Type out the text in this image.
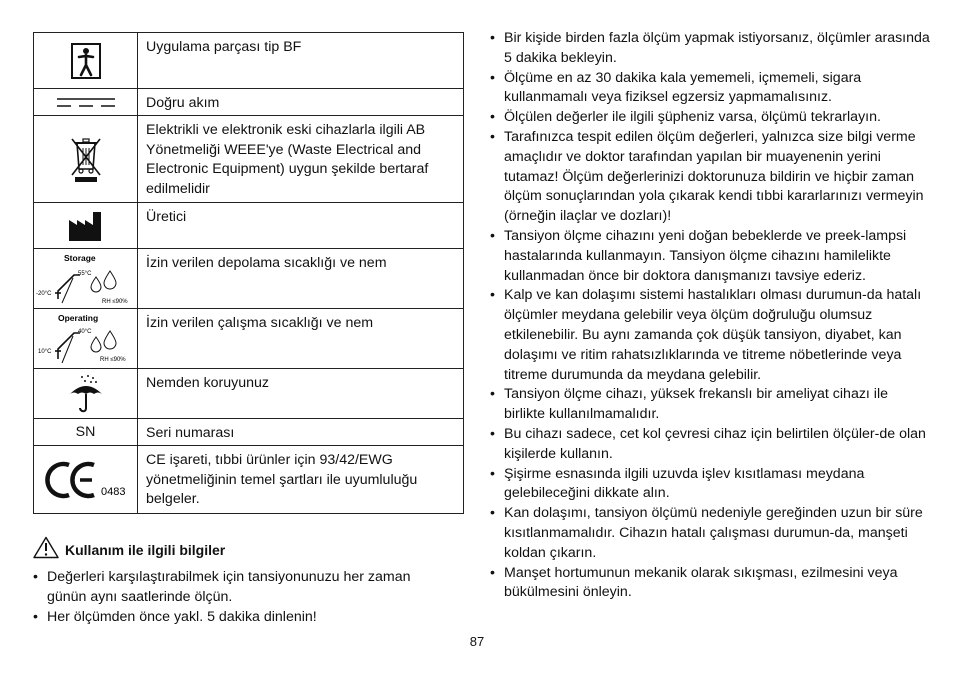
	Uygulama parçası tip BF

	Doğru akım

	Elektrikli ve elektronik eski cihazlarla ilgili AB Yönetmeliği WEEE'ye (Waste Electrical and Electronic Equipment) uygun şekilde bertaraf edilmelidir

	Üretici

Storage
55°C
-20°C
RH ≤90%	İzin verilen depolama sıcaklığı ve nem

Operating
40°C
10°C
RH ≤90%	İzin verilen çalışma sıcaklığı ve nem

	Nemden koruyunuz
SN	Seri numarası

0483	CE işareti, tıbbi ürünler için 93/42/EWG yönetmeliğinin temel şartları ile uyumluluğu belgeler.
Kullanım ile ilgili bilgiler
• Değerleri karşılaştırabilmek için tansiyonunuzu her zaman günün aynı saatlerinde ölçün.
• Her ölçümden önce yakl. 5 dakika dinlenin!
• Bir kişide birden fazla ölçüm yapmak istiyorsanız, ölçümler arasında 5 dakika bekleyin.
• Ölçüme en az 30 dakika kala yememeli, içmemeli, sigara kullanmamalı veya fiziksel egzersiz yapmamalısınız.
• Ölçülen değerler ile ilgili şüpheniz varsa, ölçümü tekrarlayın.
• Tarafınızca tespit edilen ölçüm değerleri, yalnızca size bilgi verme amaçlıdır ve doktor tarafından yapılan bir muayenenin yerini tutamaz! Ölçüm değerlerinizi doktorunuza bildirin ve hiçbir zaman ölçüm sonuçlarından yola çıkarak kendi tıbbi kararlarınızı vermeyin (örneğin ilaçlar ve dozları)!
• Tansiyon ölçme cihazını yeni doğan bebeklerde ve preek-lampsi hastalarında kullanmayın. Tansiyon ölçme cihazını hamilelikte kullanmadan önce bir doktora danışmanızı tavsiye ederiz.
• Kalp ve kan dolaşımı sistemi hastalıkları olması durumun-da hatalı ölçümler meydana gelebilir veya ölçüm doğruluğu olumsuz etkilenebilir. Bu aynı zamanda çok düşük tansiyon, diyabet, kan dolaşımı ve ritim rahatsızlıklarında ve titreme nöbetlerinde veya titreme durumunda da meydana gelebilir.
• Tansiyon ölçme cihazı, yüksek frekanslı bir ameliyat cihazı ile birlikte kullanılmamalıdır.
• Bu cihazı sadece, cet kol çevresi cihaz için belirtilen ölçüler-de olan kişilerde kullanın.
• Şişirme esnasında ilgili uzuvda işlev kısıtlaması meydana gelebileceğini dikkate alın.
• Kan dolaşımı, tansiyon ölçümü nedeniyle gereğinden uzun bir süre kısıtlanmamalıdır. Cihazın hatalı çalışması durumun-da, manşeti koldan çıkarın.
• Manşet hortumunun mekanik olarak sıkışması, ezilmesini veya bükülmesini önleyin.
87
